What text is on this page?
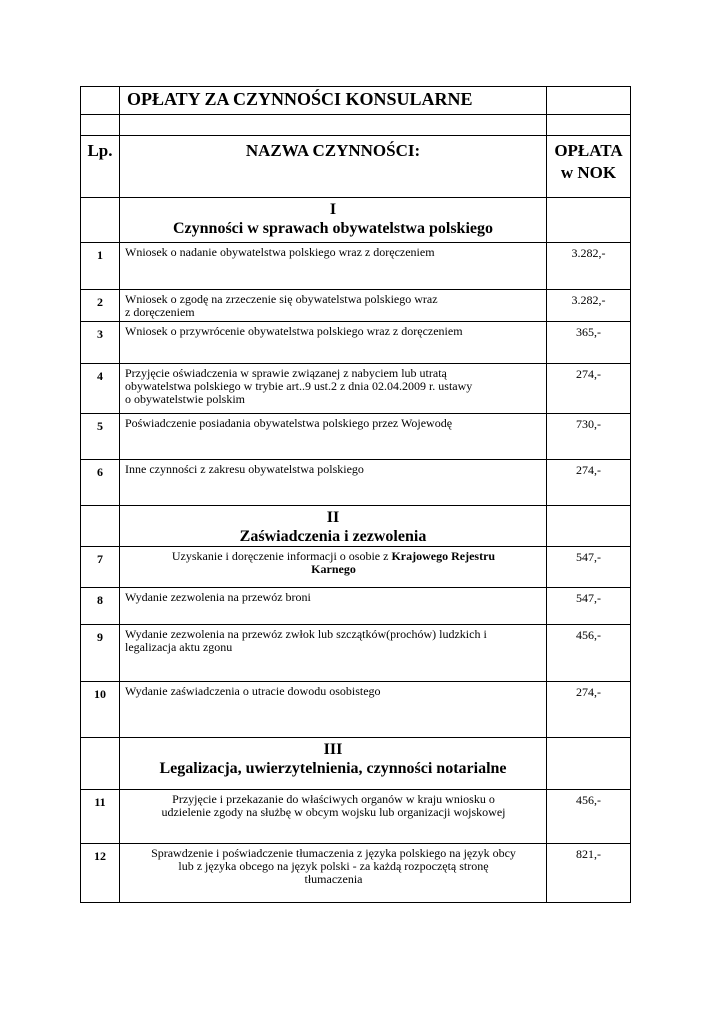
	OPŁATY ZA CZYNNOŚCI KONSULARNE	

Lp.	NAZWA CZYNNOŚCI:	OPŁATA
w NOK
	I
Czynności w sprawach obywatelstwa polskiego	
1	Wniosek o nadanie obywatelstwa polskiego wraz z doręczeniem	3.282,-
2	Wniosek o zgodę na zrzeczenie się obywatelstwa polskiego wraz
z doręczeniem	3.282,-
3	Wniosek o przywrócenie obywatelstwa polskiego wraz z doręczeniem	365,-
4	Przyjęcie oświadczenia w sprawie związanej z nabyciem lub utratą
obywatelstwa polskiego w trybie art..9 ust.2 z dnia 02.04.2009 r. ustawy
o obywatelstwie polskim	274,-
5	Poświadczenie posiadania obywatelstwa polskiego przez Wojewodę	730,-
6	Inne czynności z zakresu obywatelstwa polskiego	274,-
	II
Zaświadczenia i zezwolenia	
7	Uzyskanie i doręczenie informacji o osobie z Krajowego Rejestru
Karnego	547,-
8	Wydanie zezwolenia na przewóz broni	547,-
9	Wydanie zezwolenia na przewóz zwłok lub szczątków(prochów) ludzkich i
legalizacja aktu zgonu	456,-
10	Wydanie zaświadczenia o utracie dowodu osobistego	274,-
	III
Legalizacja, uwierzytelnienia, czynności notarialne	
11	Przyjęcie i przekazanie do właściwych organów w kraju wniosku o
udzielenie zgody na służbę w obcym wojsku lub organizacji wojskowej	456,-
12	Sprawdzenie i poświadczenie tłumaczenia z języka polskiego na język obcy
lub z języka obcego na język polski - za każdą rozpoczętą stronę
tłumaczenia	821,-
